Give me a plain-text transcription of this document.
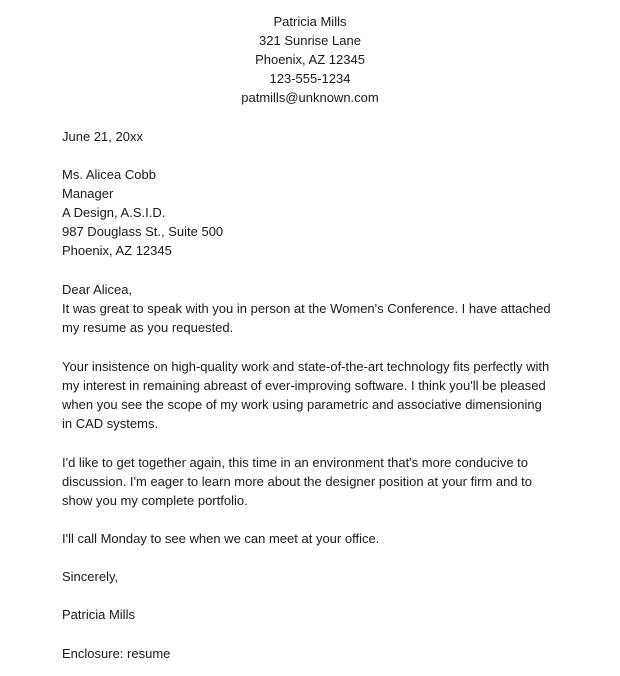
Patricia Mills
321 Sunrise Lane
Phoenix, AZ 12345
123-555-1234
patmills@unknown.com
June 21, 20xx
Ms. Alicea Cobb
Manager
A Design, A.S.I.D.
987 Douglass St., Suite 500
Phoenix, AZ 12345
Dear Alicea,
It was great to speak with you in person at the Women's Conference. I have attached
my resume as you requested.
Your insistence on high-quality work and state-of-the-art technology fits perfectly with
my interest in remaining abreast of ever-improving software. I think you'll be pleased
when you see the scope of my work using parametric and associative dimensioning
in CAD systems.
I'd like to get together again, this time in an environment that's more conducive to
discussion. I'm eager to learn more about the designer position at your firm and to
show you my complete portfolio.
I'll call Monday to see when we can meet at your office.
Sincerely,
Patricia Mills
Enclosure: resume
